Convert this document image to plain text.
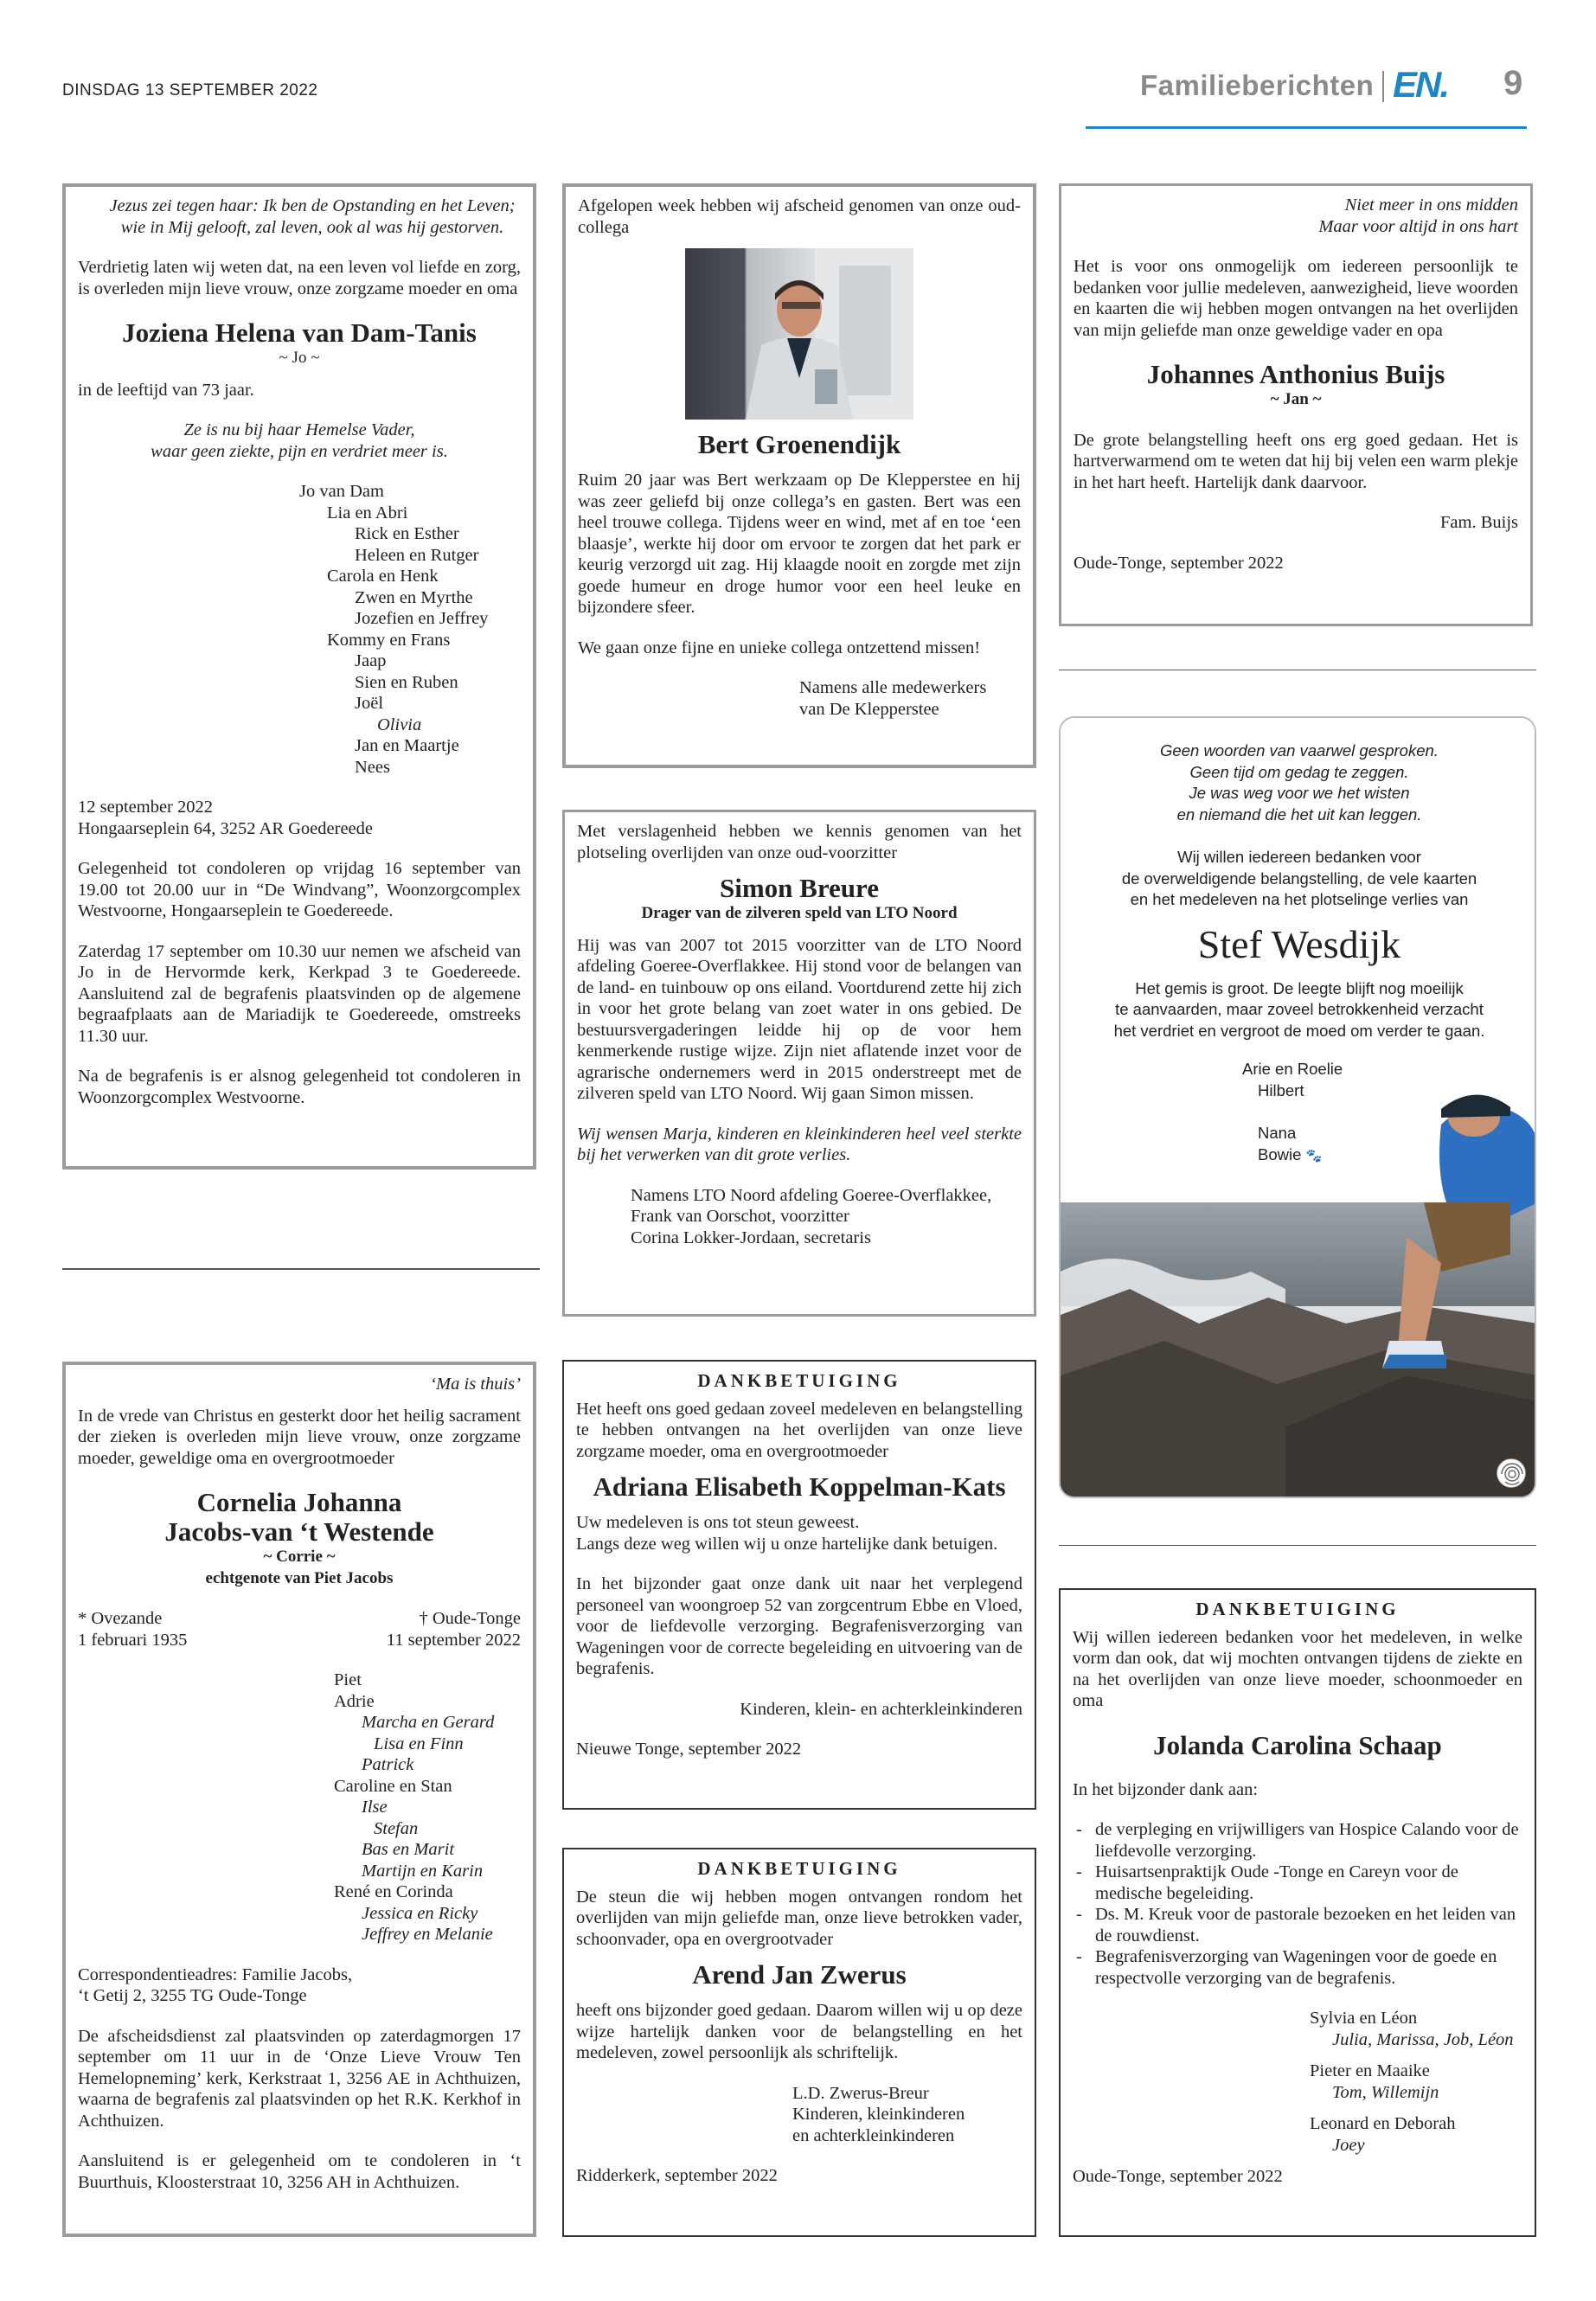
DINSDAG 13 SEPTEMBER 2022	Familieberichten EN. 9
Jezus zei tegen haar: Ik ben de Opstanding en het Leven;
wie in Mij gelooft, zal leven, ook al was hij gestorven.
Verdrietig laten wij weten dat, na een leven vol liefde en zorg, is overleden mijn lieve vrouw, onze zorgzame moeder en oma
Joziena Helena van Dam-Tanis
~ Jo ~
in de leeftijd van 73 jaar.
Ze is nu bij haar Hemelse Vader,
waar geen ziekte, pijn en verdriet meer is.
Jo van Dam
Lia en Abri
Rick en Esther
Heleen en Rutger
Carola en Henk
Zwen en Myrthe
Jozefien en Jeffrey
Kommy en Frans
Jaap
Sien en Ruben
Joël
Olivia
Jan en Maartje
Nees
12 september 2022
Hongaarseplein 64, 3252 AR Goedereede
Gelegenheid tot condoleren op vrijdag 16 september van 19.00 tot 20.00 uur in “De Windvang”, Woonzorgcomplex Westvoorne, Hongaarseplein te Goedereede.
Zaterdag 17 september om 10.30 uur nemen we afscheid van Jo in de Hervormde kerk, Kerkpad 3 te Goedereede. Aansluitend zal de begrafenis plaatsvinden op de algemene begraafplaats aan de Mariadijk te Goedereede, omstreeks 11.30 uur.
Na de begrafenis is er alsnog gelegenheid tot condoleren in Woonzorgcomplex Westvoorne.
‘Ma is thuis’
In de vrede van Christus en gesterkt door het heilig sacrament der zieken is overleden mijn lieve vrouw, onze zorgzame moeder, geweldige oma en overgrootmoeder
Cornelia Johanna
Jacobs-van ‘t Westende
~ Corrie ~
echtgenote van Piet Jacobs
* Ovezande
1 februari 1935
† Oude-Tonge
11 september 2022
Piet
Adrie
Marcha en Gerard
Lisa en Finn
Patrick
Caroline en Stan
Ilse
Stefan
Bas en Marit
Martijn en Karin
René en Corinda
Jessica en Ricky
Jeffrey en Melanie
Correspondentieadres: Familie Jacobs,
‘t Getij 2, 3255 TG Oude-Tonge
De afscheidsdienst zal plaatsvinden op zaterdagmorgen 17 september om 11 uur in de ‘Onze Lieve Vrouw Ten Hemelopneming’ kerk, Kerkstraat 1, 3256 AE in Achthuizen, waarna de begrafenis zal plaatsvinden op het R.K. Kerkhof in Achthuizen.
Aansluitend is er gelegenheid om te condoleren in ‘t Buurthuis, Kloosterstraat 10, 3256 AH in Achthuizen.
Afgelopen week hebben wij afscheid genomen van onze oud-collega
Bert Groenendijk
Ruim 20 jaar was Bert werkzaam op De Klepperstee en hij was zeer geliefd bij onze collega’s en gasten. Bert was een heel trouwe collega. Tijdens weer en wind, met af en toe ‘een blaasje’, werkte hij door om ervoor te zorgen dat het park er keurig verzorgd uit zag. Hij klaagde nooit en zorgde met zijn goede humeur en droge humor voor een heel leuke en bijzondere sfeer.
We gaan onze fijne en unieke collega ontzettend missen!
Namens alle medewerkers
van De Klepperstee
Met verslagenheid hebben we kennis genomen van het plotseling overlijden van onze oud-voorzitter
Simon Breure
Drager van de zilveren speld van LTO Noord
Hij was van 2007 tot 2015 voorzitter van de LTO Noord afdeling Goeree-Overflakkee. Hij stond voor de belangen van de land- en tuinbouw op ons eiland. Voortdurend zette hij zich in voor het grote belang van zoet water in ons gebied. De bestuursvergaderingen leidde hij op de voor hem kenmerkende rustige wijze. Zijn niet aflatende inzet voor de agrarische ondernemers werd in 2015 onderstreept met de zilveren speld van LTO Noord. Wij gaan Simon missen.
Wij wensen Marja, kinderen en kleinkinderen heel veel sterkte bij het verwerken van dit grote verlies.
Namens LTO Noord afdeling Goeree-Overflakkee,
Frank van Oorschot, voorzitter
Corina Lokker-Jordaan, secretaris
DANKBETUIGING
Het heeft ons goed gedaan zoveel medeleven en belangstelling te hebben ontvangen na het overlijden van onze lieve zorgzame moeder, oma en overgrootmoeder
Adriana Elisabeth Koppelman-Kats
Uw medeleven is ons tot steun geweest.
Langs deze weg willen wij u onze hartelijke dank betuigen.
In het bijzonder gaat onze dank uit naar het verplegend personeel van woongroep 52 van zorgcentrum Ebbe en Vloed, voor de liefdevolle verzorging. Begrafenisverzorging van Wageningen voor de correcte begeleiding en uitvoering van de begrafenis.
Kinderen, klein- en achterkleinkinderen
Nieuwe Tonge, september 2022
DANKBETUIGING
De steun die wij hebben mogen ontvangen rondom het overlijden van mijn geliefde man, onze lieve betrokken vader, schoonvader, opa en overgrootvader
Arend Jan Zwerus
heeft ons bijzonder goed gedaan. Daarom willen wij u op deze wijze hartelijk danken voor de belangstelling en het medeleven, zowel persoonlijk als schriftelijk.
L.D. Zwerus-Breur
Kinderen, kleinkinderen
en achterkleinkinderen
Ridderkerk, september 2022
Niet meer in ons midden
Maar voor altijd in ons hart
Het is voor ons onmogelijk om iedereen persoonlijk te bedanken voor jullie medeleven, aanwezigheid, lieve woorden en kaarten die wij hebben mogen ontvangen na het overlijden van mijn geliefde man onze geweldige vader en opa
Johannes Anthonius Buijs
~ Jan ~
De grote belangstelling heeft ons erg goed gedaan. Het is hartverwarmend om te weten dat hij bij velen een warm plekje in het hart heeft. Hartelijk dank daarvoor.
Fam. Buijs
Oude-Tonge, september 2022
Geen woorden van vaarwel gesproken.
Geen tijd om gedag te zeggen.
Je was weg voor we het wisten
en niemand die het uit kan leggen.
Wij willen iedereen bedanken voor
de overweldigende belangstelling, de vele kaarten
en het medeleven na het plotselinge verlies van
Stef Wesdijk
Het gemis is groot. De leegte blijft nog moeilijk
te aanvaarden, maar zoveel betrokkenheid verzacht
het verdriet en vergroot de moed om verder te gaan.
Arie en Roelie
Hilbert
Nana
Bowie 🐾
DANKBETUIGING
Wij willen iedereen bedanken voor het medeleven, in welke vorm dan ook, dat wij mochten ontvangen tijdens de ziekte en na het overlijden van onze lieve moeder, schoonmoeder en oma
Jolanda Carolina Schaap
In het bijzonder dank aan:
- de verpleging en vrijwilligers van Hospice Calando voor de liefdevolle verzorging.
- Huisartsenpraktijk Oude -Tonge en Careyn voor de medische begeleiding.
- Ds. M. Kreuk voor de pastorale bezoeken en het leiden van de rouwdienst.
- Begrafenisverzorging van Wageningen voor de goede en respectvolle verzorging van de begrafenis.
Sylvia en Léon
Julia, Marissa, Job, Léon
Pieter en Maaike
Tom, Willemijn
Leonard en Deborah
Joey
Oude-Tonge, september 2022
